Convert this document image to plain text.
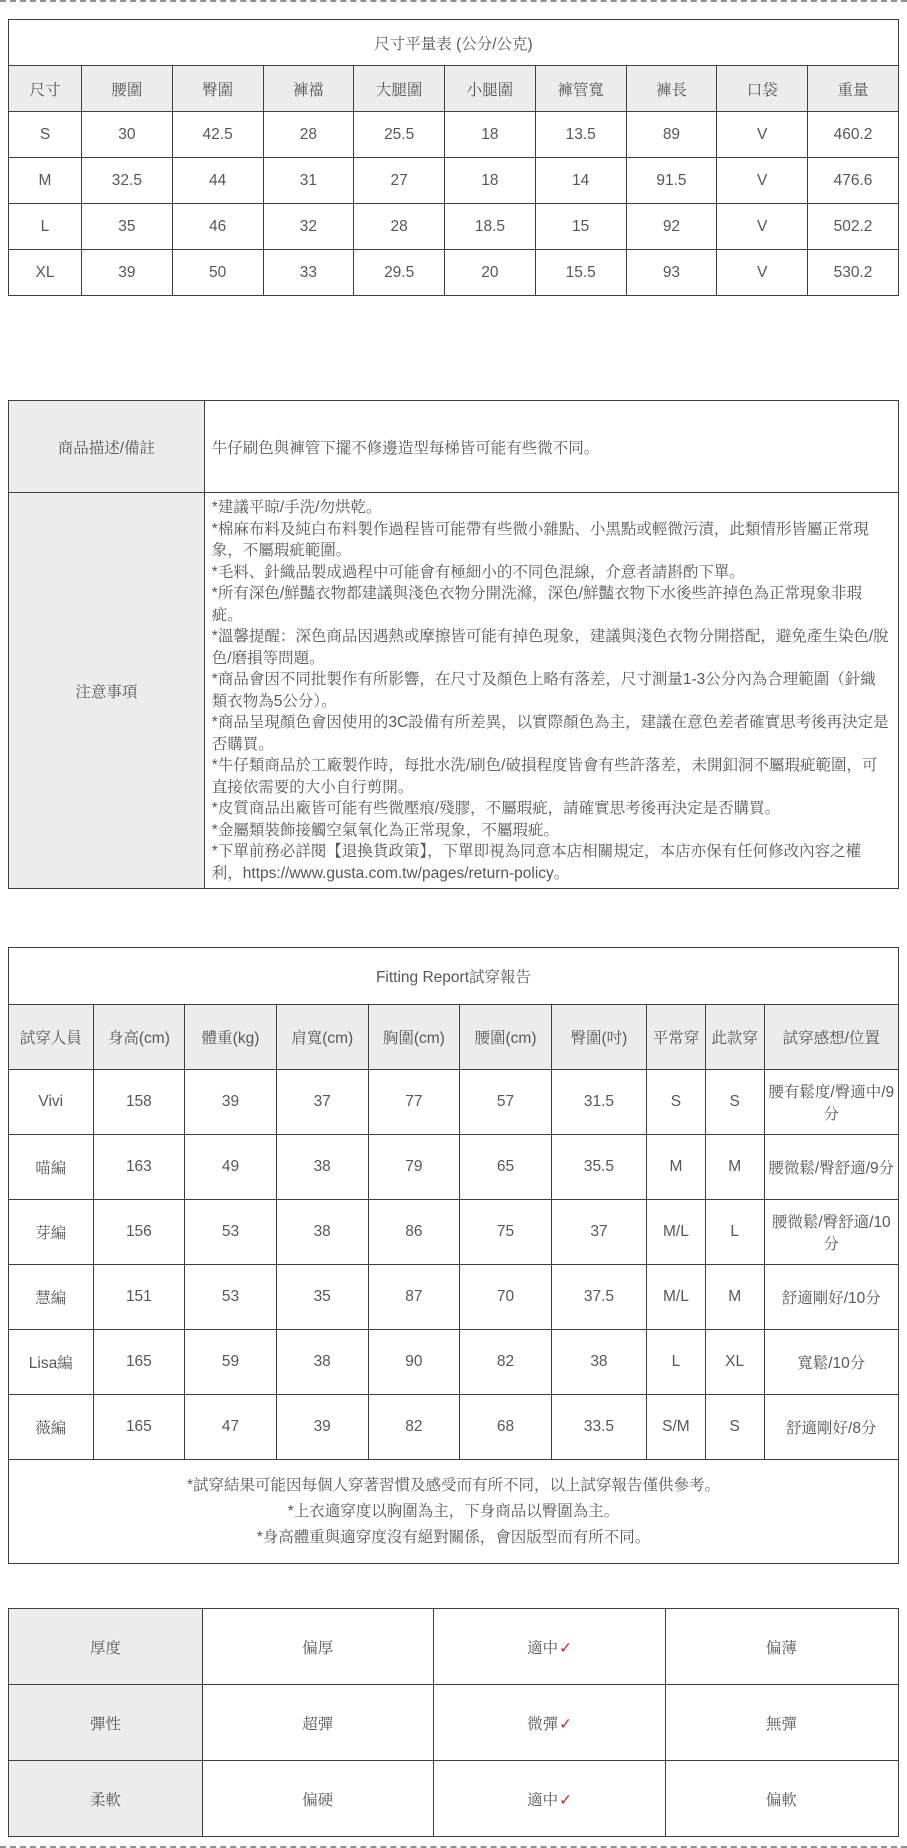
尺寸平量表 (公分/公克)									
尺寸	腰圍	臀圍	褲襠	大腿圍	小腿圍	褲管寬	褲長	口袋	重量
S	30	42.5	28	25.5	18	13.5	89	V	460.2
M	32.5	44	31	27	18	14	91.5	V	476.6
L	35	46	32	28	18.5	15	92	V	502.2
XL	39	50	33	29.5	20	15.5	93	V	530.2
商品描述/備註	牛仔刷色與褲管下擺不修邊造型每梯皆可能有些微不同。
注意事項	
*建議平晾/手洗/勿烘乾。
*棉麻布料及純白布料製作過程皆可能帶有些微小雜點、小黑點或輕微污漬，此類情形皆屬正常現象，不屬瑕疵範圍。
*毛料、針織品製成過程中可能會有極細小的不同色混線，介意者請斟酌下單。
*所有深色/鮮豔衣物都建議與淺色衣物分開洗滌，深色/鮮豔衣物下水後些許掉色為正常現象非瑕疵。
*溫馨提醒：深色商品因遇熱或摩擦皆可能有掉色現象，建議與淺色衣物分開搭配，避免產生染色/脫色/磨損等問題。
*商品會因不同批製作有所影響，在尺寸及顏色上略有落差，尺寸測量1-3公分內為合理範圍（針織類衣物為5公分）。
*商品呈現顏色會因使用的3C設備有所差異，以實際顏色為主，建議在意色差者確實思考後再決定是否購買。
*牛仔類商品於工廠製作時，每批水洗/刷色/破損程度皆會有些許落差，未開釦洞不屬瑕疵範圍，可直接依需要的大小自行剪開。
*皮質商品出廠皆可能有些微壓痕/殘膠，不屬瑕疵，請確實思考後再決定是否購買。
*金屬類裝飾接觸空氣氧化為正常現象，不屬瑕疵。
*下單前務必詳閱【退換貨政策】，下單即視為同意本店相關規定，本店亦保有任何修改內容之權利，https://www.gusta.com.tw/pages/return-policy。
Fitting Report試穿報告									
試穿人員	身高(cm)	體重(kg)	肩寬(cm)	胸圍(cm)	腰圍(cm)	臀圍(吋)	平常穿	此款穿	試穿感想/位置
Vivi	158	39	37	77	57	31.5	S	S	腰有鬆度/臀適中/9分
喵編	163	49	38	79	65	35.5	M	M	腰微鬆/臀舒適/9分
芽編	156	53	38	86	75	37	M/L	L	腰微鬆/臀舒適/10分
慧編	151	53	35	87	70	37.5	M/L	M	舒適剛好/10分
Lisa編	165	59	38	90	82	38	L	XL	寬鬆/10分
薇編	165	47	39	82	68	33.5	S/M	S	舒適剛好/8分

*試穿結果可能因每個人穿著習慣及感受而有所不同，以上試穿報告僅供參考。
*上衣適穿度以胸圍為主，下身商品以臀圍為主。
*身高體重與適穿度沒有絕對關係，會因版型而有所不同。									
厚度	偏厚	適中✓	偏薄
彈性	超彈	微彈✓	無彈
柔軟	偏硬	適中✓	偏軟
